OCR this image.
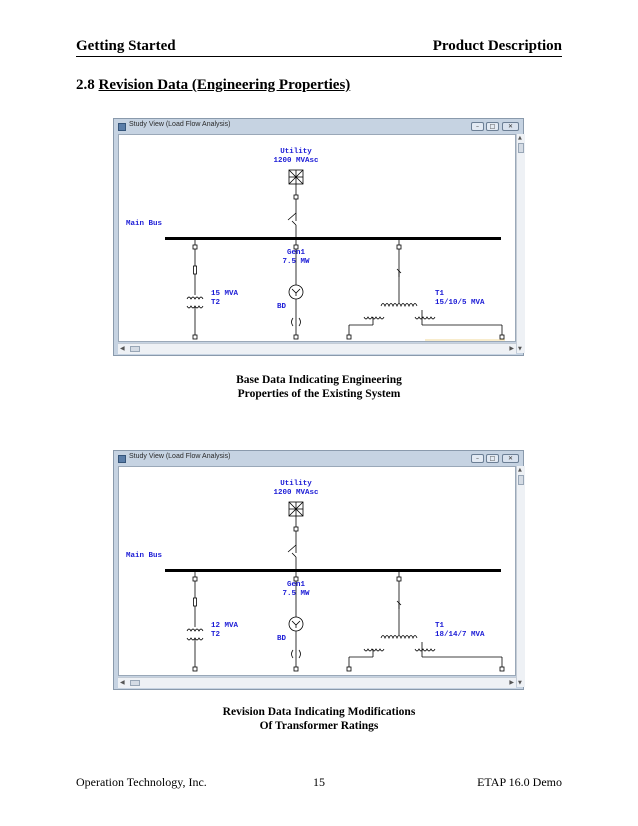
Getting Started	Product Description
2.8 Revision Data (Engineering Properties)
Study View (Load Flow Analysis)	–	□	✕
Utility
1200 MVAsc
Main Bus
Gen1
7.5 MW
BD
15 MVA
T2
T1
15/10/5 MVA
▲
▼
◀	▶
Base Data Indicating Engineering
Properties of the Existing System
Study View (Load Flow Analysis)	–	□	✕
Utility
1200 MVAsc
Main Bus
Gen1
7.5 MW
BD
12 MVA
T2
T1
18/14/7 MVA
▲
▼
◀	▶
Revision Data Indicating Modifications
Of Transformer Ratings
Operation Technology, Inc.	15	ETAP 16.0 Demo
